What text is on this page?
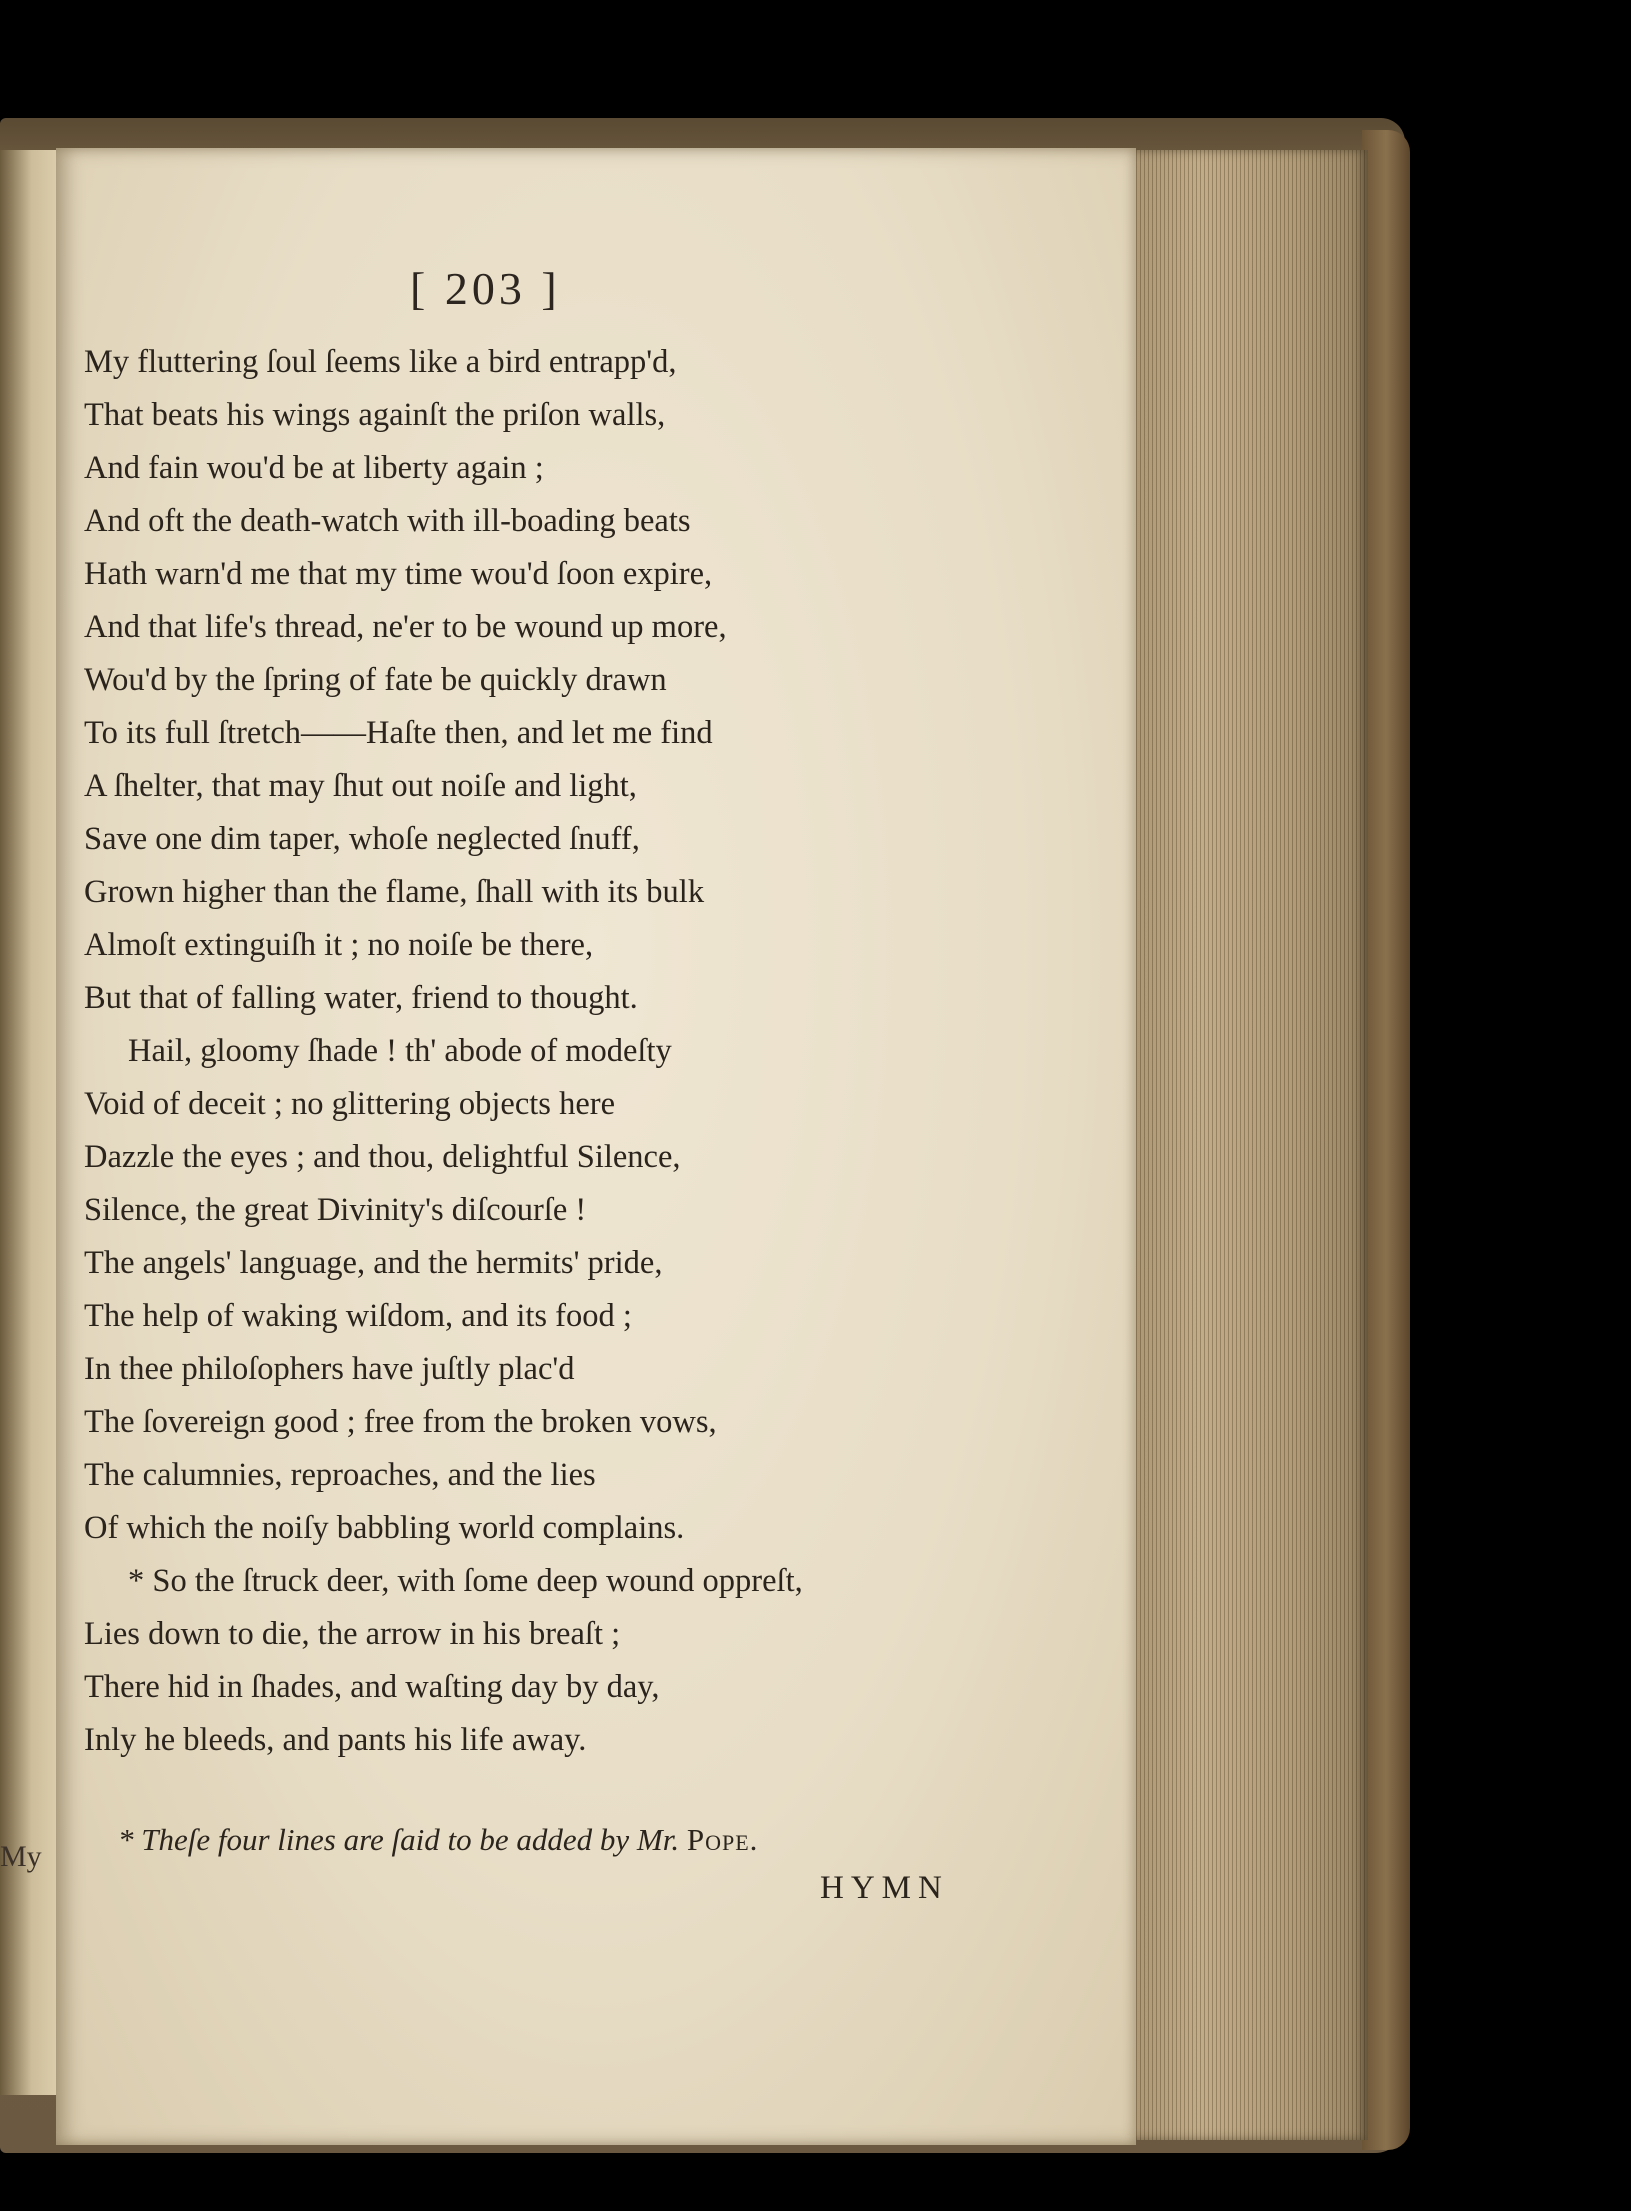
My
[ 203 ]
My fluttering ſoul ſeems like a bird entrapp'd,
That beats his wings againſt the priſon walls,
And fain wou'd be at liberty again ;
And oft the death-watch with ill-boading beats
Hath warn'd me that my time wou'd ſoon expire,
And that life's thread, ne'er to be wound up more,
Wou'd by the ſpring of fate be quickly drawn
To its full ſtretch——Haſte then, and let me find
A ſhelter, that may ſhut out noiſe and light,
Save one dim taper, whoſe neglected ſnuff,
Grown higher than the flame, ſhall with its bulk
Almoſt extinguiſh it ; no noiſe be there,
But that of falling water, friend to thought.
Hail, gloomy ſhade ! th' abode of modeſty
Void of deceit ; no glittering objects here
Dazzle the eyes ; and thou, delightful Silence,
Silence, the great Divinity's diſcourſe !
The angels' language, and the hermits' pride,
The help of waking wiſdom, and its food ;
In thee philoſophers have juſtly plac'd
The ſovereign good ; free from the broken vows,
The calumnies, reproaches, and the lies
Of which the noiſy babbling world complains.
* So the ſtruck deer, with ſome deep wound oppreſt,
Lies down to die, the arrow in his breaſt ;
There hid in ſhades, and waſting day by day,
Inly he bleeds, and pants his life away.
* Theſe four lines are ſaid to be added by Mr. Pope.
HYMN
